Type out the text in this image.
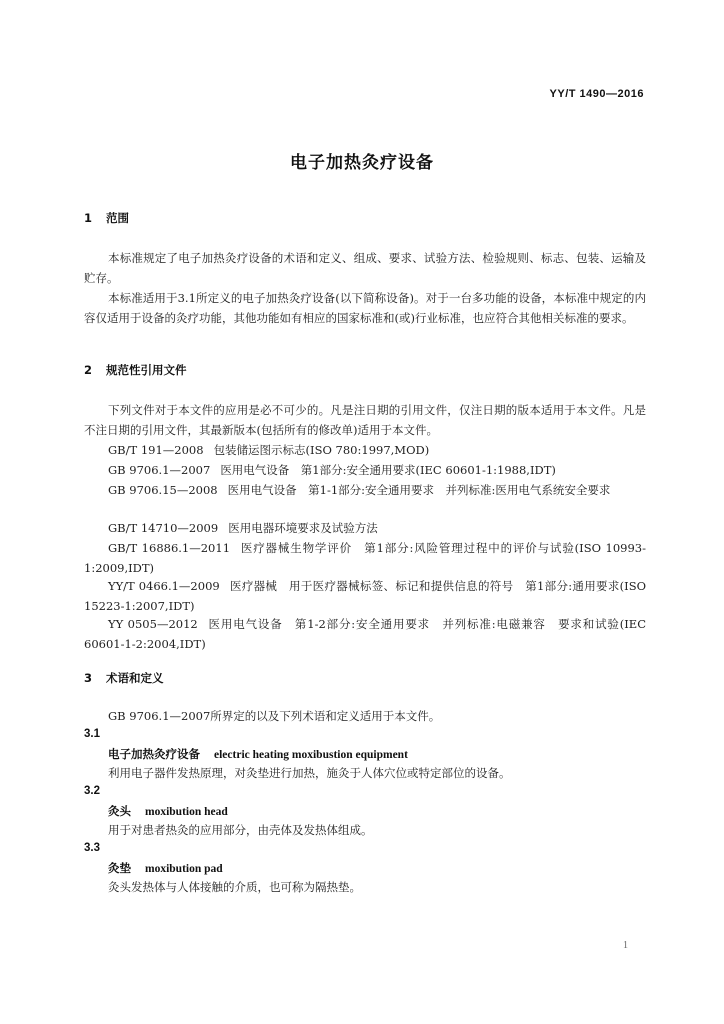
YY/T 1490—2016
电子加热灸疗设备
1 范围
本标准规定了电子加热灸疗设备的术语和定义、组成、要求、试验方法、检验规则、标志、包装、运输及贮存。
本标准适用于3.1所定义的电子加热灸疗设备(以下简称设备)。对于一台多功能的设备，本标准中规定的内容仅适用于设备的灸疗功能，其他功能如有相应的国家标准和(或)行业标准，也应符合其他相关标准的要求。
2 规范性引用文件
下列文件对于本文件的应用是必不可少的。凡是注日期的引用文件，仅注日期的版本适用于本文件。凡是不注日期的引用文件，其最新版本(包括所有的修改单)适用于本文件。
GB/T 191—2008 包装储运图示标志(ISO 780:1997,MOD)
GB 9706.1—2007 医用电气设备　第1部分:安全通用要求(IEC 60601-1:1988,IDT)
GB 9706.15—2008 医用电气设备　第1-1部分:安全通用要求　并列标准:医用电气系统安全要求
GB/T 14710—2009 医用电器环境要求及试验方法
GB/T 16886.1—2011 医疗器械生物学评价　第1部分:风险管理过程中的评价与试验(ISO 10993-1:2009,IDT)
YY/T 0466.1—2009 医疗器械　用于医疗器械标签、标记和提供信息的符号　第1部分:通用要求(ISO 15223-1:2007,IDT)
YY 0505—2012 医用电气设备　第1-2部分:安全通用要求　并列标准:电磁兼容　要求和试验(IEC 60601-1-2:2004,IDT)
3 术语和定义
GB 9706.1—2007所界定的以及下列术语和定义适用于本文件。
3.1
电子加热灸疗设备 electric heating moxibustion equipment
利用电子器件发热原理，对灸垫进行加热，施灸于人体穴位或特定部位的设备。
3.2
灸头 moxibution head
用于对患者热灸的应用部分，由壳体及发热体组成。
3.3
灸垫 moxibution pad
灸头发热体与人体接触的介质，也可称为隔热垫。
1
